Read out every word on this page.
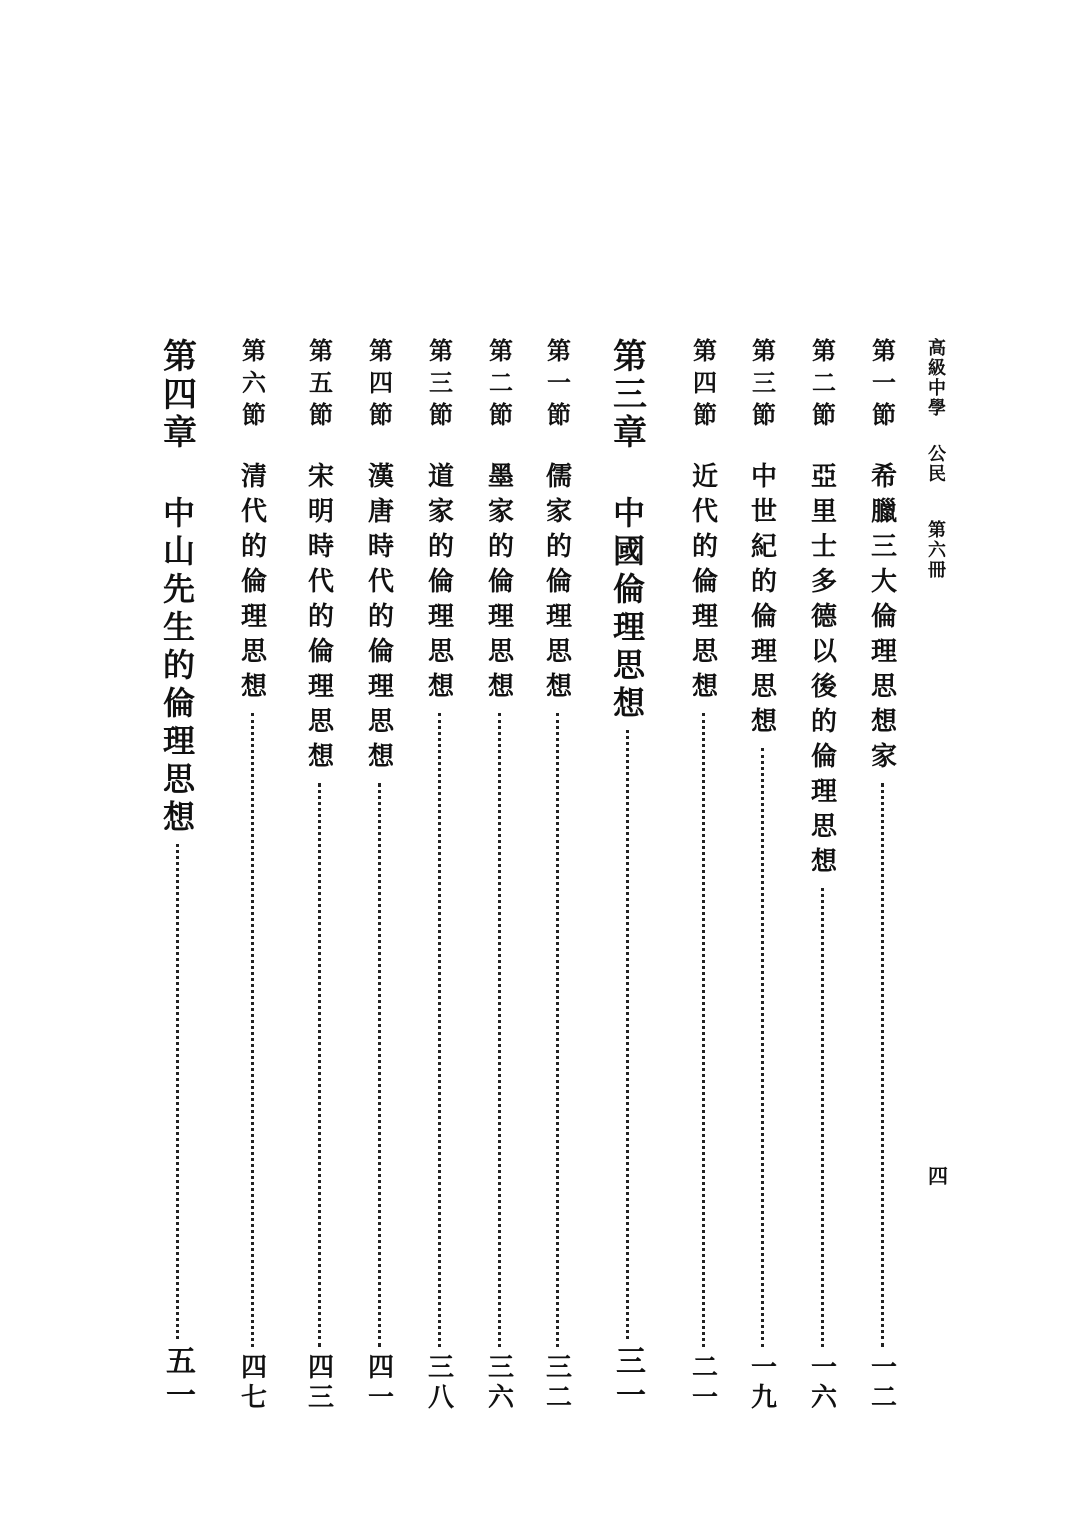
高級中學
公民
第六冊
四
第一節
希臘三大倫理思想家
一二
第二節
亞里士多德以後的倫理思想
一六
第三節
中世紀的倫理思想
一九
第四節
近代的倫理思想
二一
第三章
中國倫理思想
三一
第一節
儒家的倫理思想
三二
第二節
墨家的倫理思想
三六
第三節
道家的倫理思想
三八
第四節
漢唐時代的倫理思想
四一
第五節
宋明時代的倫理思想
四三
第六節
清代的倫理思想
四七
第四章
中山先生的倫理思想
五一
